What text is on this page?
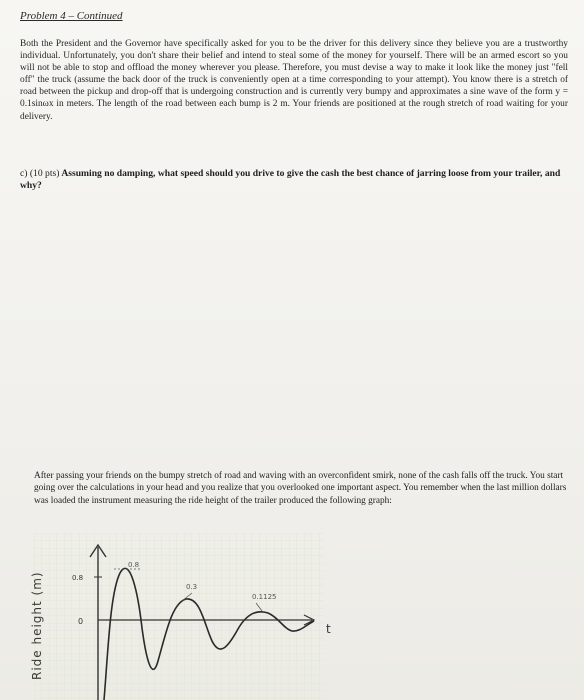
Problem 4 – Continued
Both the President and the Governor have specifically asked for you to be the driver for this delivery since they believe you are a trustworthy individual. Unfortunately, you don't share their belief and intend to steal some of the money for yourself. There will be an armed escort so you will not be able to stop and offload the money wherever you please. Therefore, you must devise a way to make it look like the money just "fell off" the truck (assume the back door of the truck is conveniently open at a time corresponding to your attempt). You know there is a stretch of road between the pickup and drop-off that is undergoing construction and is currently very bumpy and approximates a sine wave of the form y = 0.1sinωx in meters. The length of the road between each bump is 2 m. Your friends are positioned at the rough stretch of road waiting for your delivery.
c) (10 pts) Assuming no damping, what speed should you drive to give the cash the best chance of jarring loose from your trailer, and why?
After passing your friends on the bumpy stretch of road and waving with an overconfident smirk, none of the cash falls off the truck. You start going over the calculations in your head and you realize that you overlooked one important aspect. You remember when the last million dollars was loaded the instrument measuring the ride height of the trailer produced the following graph:
0.8
0
0.8
0.3
0.1125
t
Ride height (m)
